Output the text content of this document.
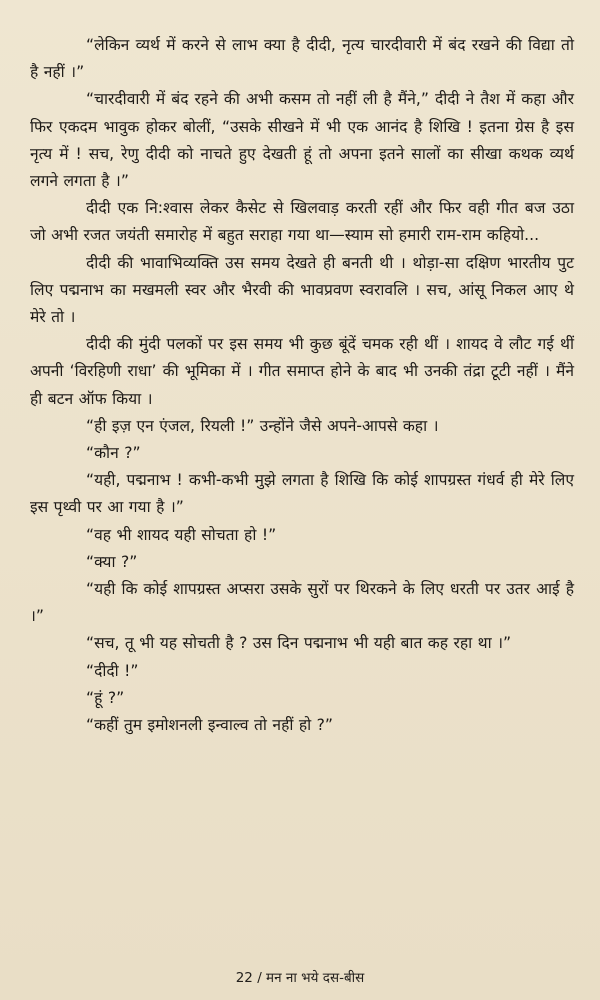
“लेकिन व्यर्थ में करने से लाभ क्या है दीदी, नृत्य चारदीवारी में बंद रखने की विद्या तो है नहीं ।”

“चारदीवारी में बंद रहने की अभी कसम तो नहीं ली है मैंने,” दीदी ने तैश में कहा और फिर एकदम भावुक होकर बोलीं, “उसके सीखने में भी एक आनंद है शिखि ! इतना ग्रेस है इस नृत्य में ! सच, रेणु दीदी को नाचते हुए देखती हूं तो अपना इतने सालों का सीखा कथक व्यर्थ लगने लगता है ।”

दीदी एक नि:श्वास लेकर कैसेट से खिलवाड़ करती रहीं और फिर वही गीत बज उठा जो अभी रजत जयंती समारोह में बहुत सराहा गया था—स्याम सो हमारी राम-राम कहियो...

दीदी की भावाभिव्यक्ति उस समय देखते ही बनती थी । थोड़ा-सा दक्षिण भारतीय पुट लिए पद्मनाभ का मखमली स्वर और भैरवी की भावप्रवण स्वरावलि । सच, आंसू निकल आए थे मेरे तो ।

दीदी की मुंदी पलकों पर इस समय भी कुछ बूंदें चमक रही थीं । शायद वे लौट गई थीं अपनी ‘विरहिणी राधा’ की भूमिका में । गीत समाप्त होने के बाद भी उनकी तंद्रा टूटी नहीं । मैंने ही बटन ऑफ किया ।

“ही इज़ एन एंजल, रियली !” उन्होंने जैसे अपने-आपसे कहा ।

“कौन ?”

“यही, पद्मनाभ ! कभी-कभी मुझे लगता है शिखि कि कोई शापग्रस्त गंधर्व ही मेरे लिए इस पृथ्वी पर आ गया है ।”

“वह भी शायद यही सोचता हो !”

“क्या ?”

“यही कि कोई शापग्रस्त अप्सरा उसके सुरों पर थिरकने के लिए धरती पर उतर आई है ।”

“सच, तू भी यह सोचती है ? उस दिन पद्मनाभ भी यही बात कह रहा था ।”

“दीदी !”

“हूं ?”

“कहीं तुम इमोशनली इन्वाल्व तो नहीं हो ?”

22 / मन ना भये दस-बीस
